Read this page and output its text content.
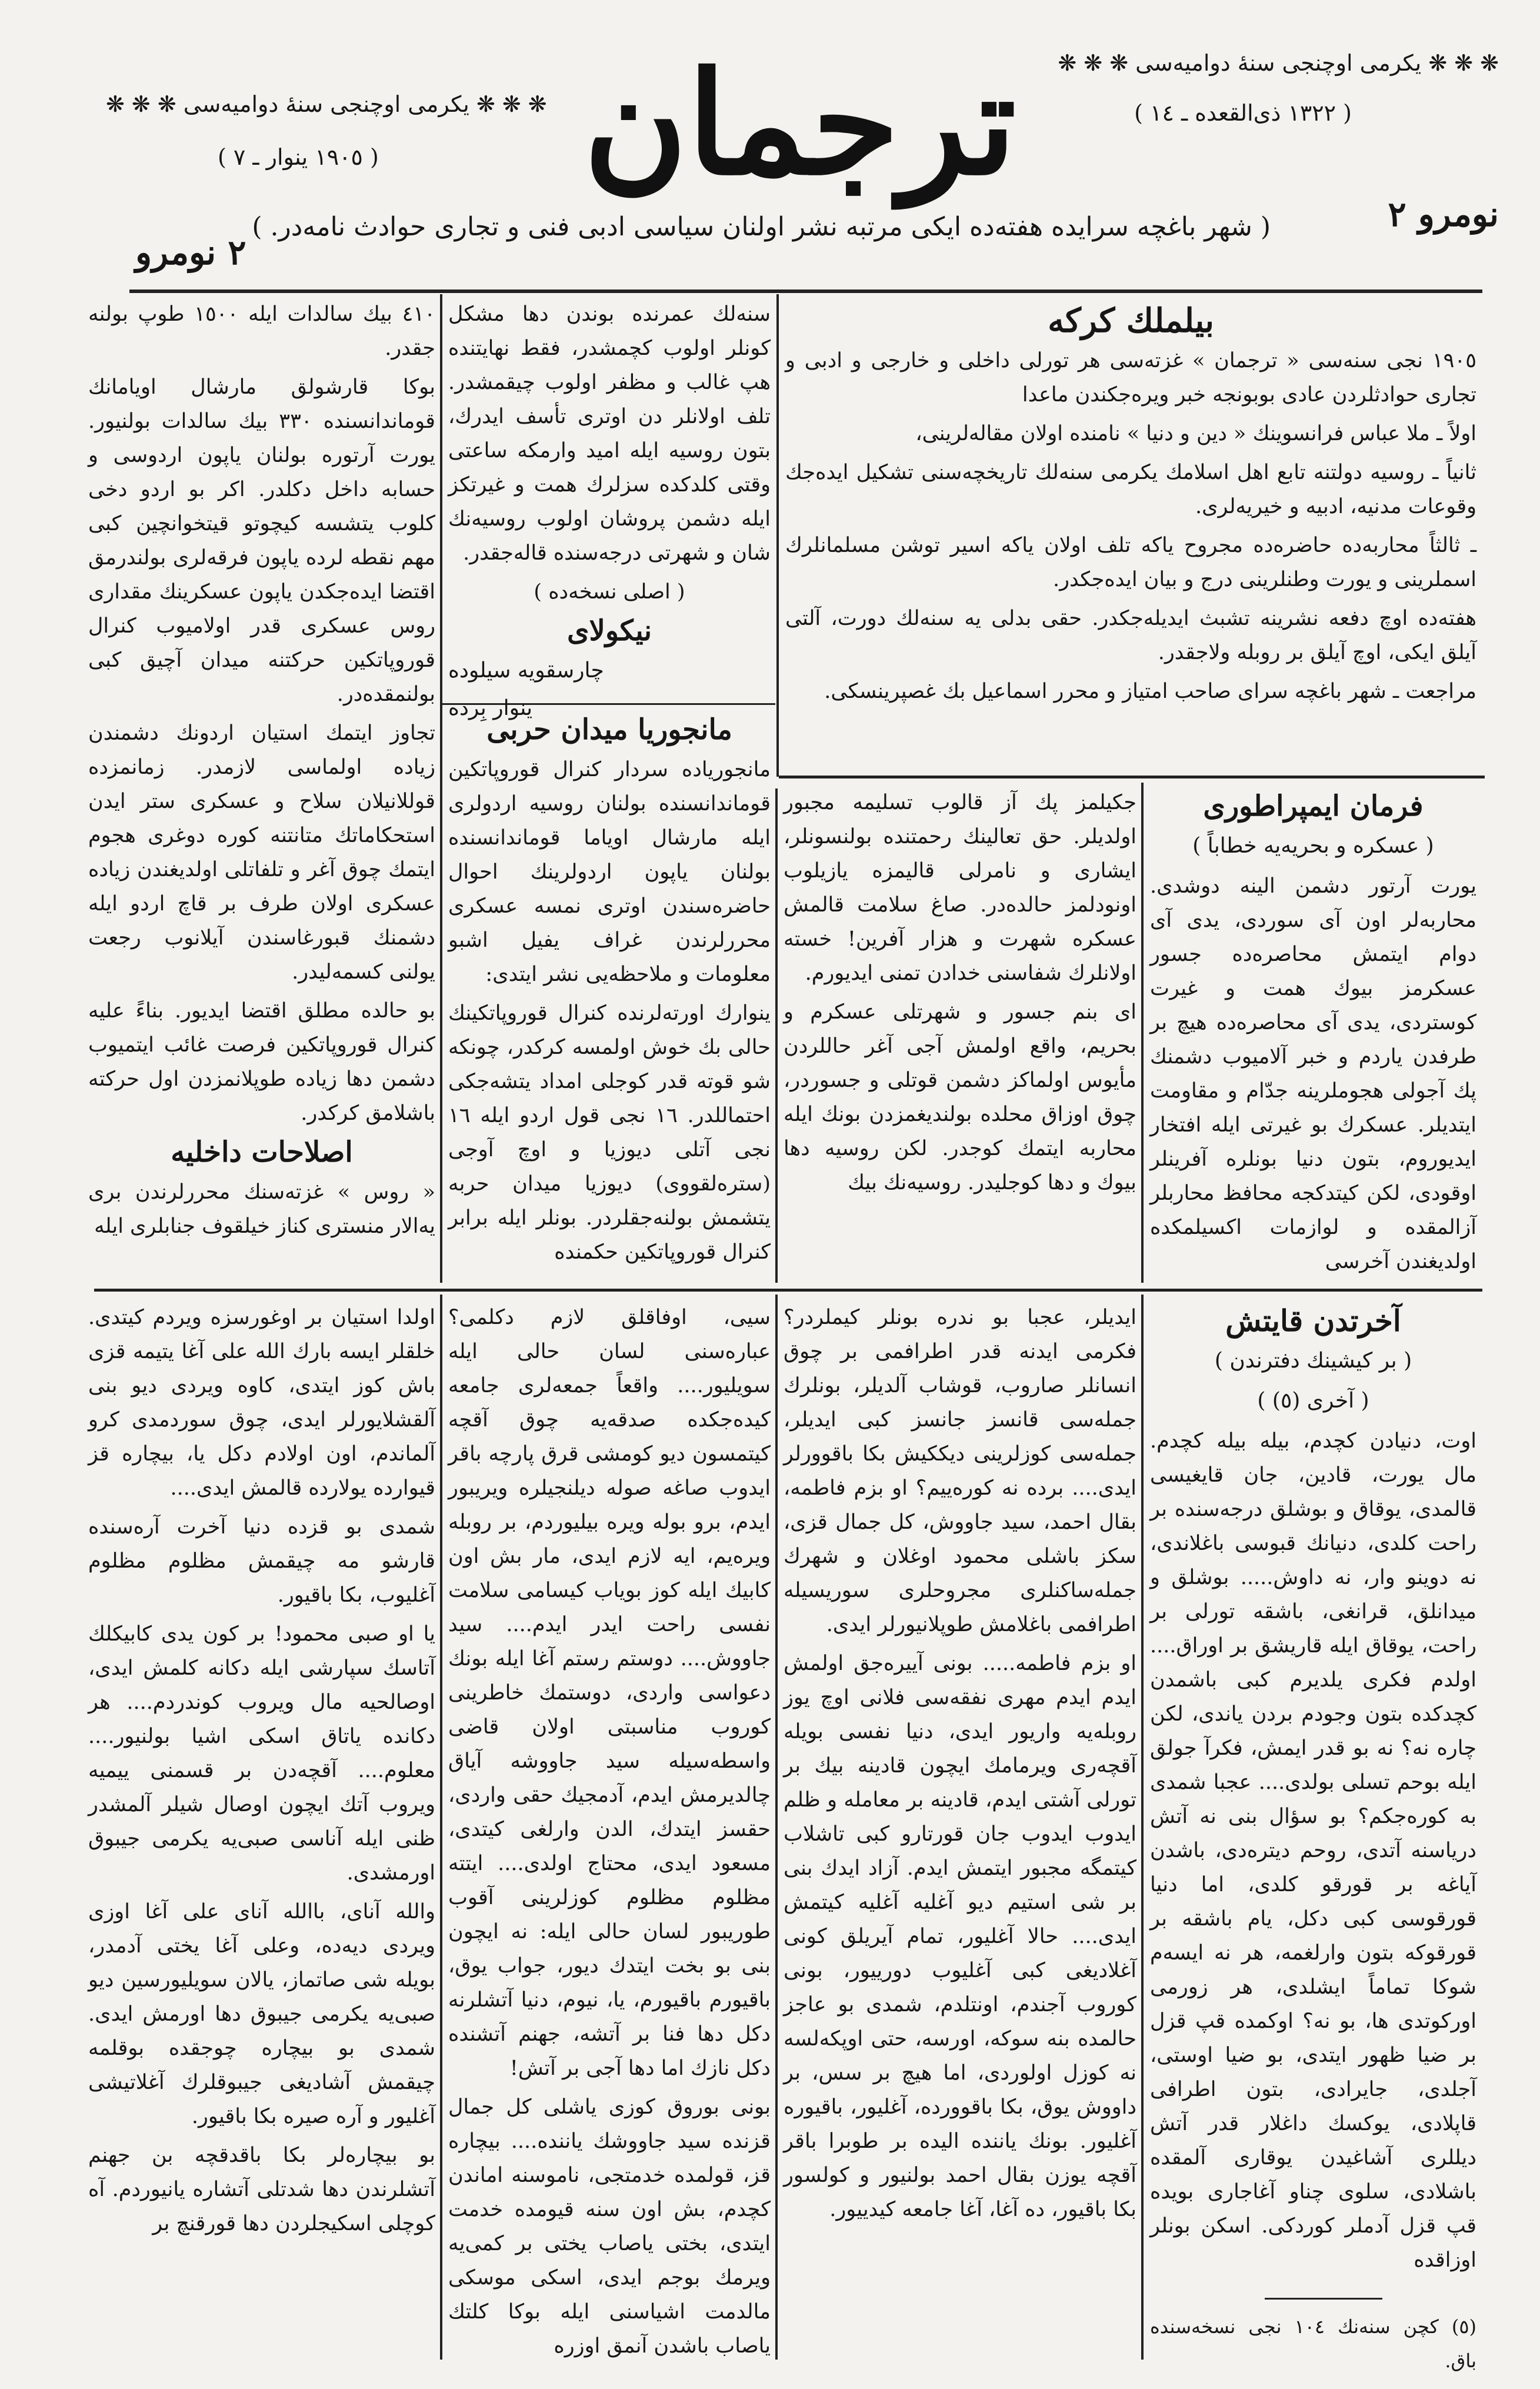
ترجمان	❋ ❋ ❋ یكرمی اوچنجی سنهٔ دوامیه‌سی ❋ ❋ ❋
( ١٣٢٢ ذی‌القعده ـ ١٤ )
❋ ❋ ❋ یكرمی اوچنجی سنهٔ دوامیه‌سی ❋ ❋ ❋
( ١٩٠٥ ینوار ـ ٧ )
نومرو ٢
٢ نومرو
( شهر باغچه سرایده هفته‌ده ایكی مرتبه نشر اولنان سیاسی ادبی فنی و تجاری حوادث نامه‌در. )
بیلملك كركه

١٩٠٥ نجی سنه‌سی « ترجمان » غزته‌سی هر تورلی داخلی و خارجی و ادبی و تجاری حوادثلردن عادی بوبونجه خبر ویره‌جكندن ماعدا

اولاً ـ ملا عباس فرانسوینك « دین و دنیا » نامنده اولان مقاله‌لرینی،

ثانیاً ـ روسیه دولتنه تابع اهل اسلامك یكرمی سنه‌لك تاریخچه‌سنی تشكیل ایده‌جك وقوعات مدنیه، ادبیه و خیریه‌لری.

ـ ثالثاً محاربه‌ده حاضره‌ده مجروح یاكه تلف اولان یاكه اسیر توشن مسلمانلرك اسملرینی و یورت وطنلرینی درج و بیان ایده‌جكدر.

هفته‌ده اوچ دفعه نشرینه تشبث ایدیله‌جكدر. حقی بدلی یه سنه‌لك دورت، آلتی آیلق ایكی، اوچ آیلق بر روبله ‌ولاجقدر.

مراجعت ـ شهر باغچه سرای صاحب امتیاز و محرر اسماعیل بك غصپرینسكی.

سنه‌لك عمرنده بوندن دها مشكل كونلر اولوب كچمشدر، فقط نهایتنده هپ غالب و مظفر اولوب چیقمشدر. تلف اولانلر دن اوتری تأسف ایدرك، بتون روسیه ایله امید وارمكه ساعتی وقتی كلدكده سزلرك همت و غیرتكز ایله دشمن پروشان اولوب روسیه‌نك شان و شهرتی درجه‌سنده قالەجقدر.

( اصلی نسخه‌ده )

نیكولای
چارسقویه سیلوده
ینوار بِرده
مانجوریا میدان حربی

مانجوریاده سردار كنرال قوروپاتكین قوماندانسنده بولنان روسیه اردولری ایله مارشال اویاما قوماندانسنده بولنان یاپون اردولرینك احوال حاضره‌سندن اوتری نمسه عسكری محررلرندن غراف یفیل اشبو معلومات و ملاحظه‌یی نشر ایتدی:

ینوارك اورتەلرنده كنرال قوروپاتكینك حالی بك خوش اولمسه كركدر، چونكه شو قوته قدر كوجلی امداد یتشه‌جكی احتماللدر. ١٦ نجی قول اردو ایله ١٦ نجی آتلی دیوزیا و اوچ آوجی (سترەلقووی) دیوزیا میدان حربه یتشمش بولنه‌جقلردر. بونلر ایله برابر كنرال قوروپاتكین حكمنده

٤١٠ بیك سالدات ایله ١٥٠٠ طوپ بولنه جقدر.

بوكا قارشولق مارشال اویامانك قوماندانسنده ٣٣٠ بیك سالدات بولنیور. یورت آرتوره بولنان یاپون اردوسی و حسابه داخل دكلدر. اكر بو اردو دخی كلوب یتشسه كیچوتو قیتخوانچین كبی مهم نقطه لرده یاپون فرقه‌لری بولندرمق اقتضا ایده‌جكدن یاپون عسكرینك مقداری روس عسكری قدر اولامیوب كنرال قوروپاتكین حركتنه میدان آچیق كبی بولنمقده‌در.

تجاوز ایتمك استیان اردونك دشمندن زیاده اولماسی لازمدر. زمانمزده قوللانیلان سلاح و عسكری ستر ایدن استحكاماتك متانتنه كوره دوغری هجوم ایتمك چوق آغر و تلفاتلی اولدیغندن زیاده عسكری اولان طرف بر قاچ اردو ایله دشمنك قبورغاسندن آیلانوب رجعت یولنی كسمه‌لیدر.

بو حالده مطلق اقتضا ایدیور. بناءً علیه كنرال قوروپاتكین فرصت غائب ایتمیوب دشمن دها زیاده طوپلانمزدن اول حركته باشلامق كركدر.

اصلاحات داخلیه

« روس » غزته‌سنك محررلرندن بری یه‌الار منستری كناز خیلقوف جنابلری ایله

فرمان ایمپراطوری
( عسكره و بحریه‌یه خطاباً )

یورت آرتور دشمن الینه دوشدی. محاربه‌لر اون آی سوردی، یدی آی دوام ایتمش محاصره‌ده جسور عسكرمز بیوك همت و غیرت كوستردی، یدی آی محاصره‌ده هیچ بر طرفدن یاردم و خبر آلامیوب دشمنك پك آجولی هجوملرینه جدّام و مقاومت ایتدیلر. عسكرك بو غیرتی ایله افتخار ایدیوروم، بتون دنیا بونلره آفرینلر اوقودی، لكن كیتدكجه محافظ محاربلر آزالمقده و لوازمات اكسیلمكده اولدیغندن آخرسی

جكیلمز پك آز قالوب تسلیمه مجبور اولدیلر. حق تعالینك رحمتنده بولنسونلر، ایشاری و نامرلی قالیمزه یازیلوب اونودلمز حالده‌در. صاغ سلامت قالمش عسكره شهرت و هزار آفرین! خسته اولانلرك شفاسنی خدادن تمنی ایدیورم.

ای بنم جسور و شهرتلی عسكرم و بحریم، واقع اولمش آجی آغر حاللردن مأیوس اولماكز دشمن قوتلی و جسوردر، چوق اوزاق محلده بولندیغمزدن بونك ایله محاربه ایتمك كوجدر. لكن روسیه دها بیوك و دها كوجلیدر. روسیەنك بیك

آخرتدن قایتش
( بر كیشینك دفترندن )
( آخری (٥) )

اوت، دنیادن كچدم، بیله بیله كچدم. مال یورت، قادین، جان قایغیسی قالمدی، یوقاق و بوشلق درجه‌سنده بر راحت كلدی، دنیانك قبوسی باغلاندی، نه دوینو وار، نه داوش..... بوشلق و میدانلق، قرانغی، باشقه تورلی بر راحت، یوقاق ایله قاریشق بر اوراق.... اولدم فكری یلدیرم كبی باشمدن كچدكده بتون وجودم بردن یاندی، لكن چاره نه؟ نه بو قدر ایمش، فكرآ جولق ایله بوحم تسلی بولدی.... عجبا شمدی به كوره‌جكم؟ بو سؤال بنی نه آتش دریاسنه آتدی، روحم دیترەدی، باشدن آیاغه بر قورقو كلدی، اما دنیا قورقوسی كبی دكل، یام باشقه بر قورقوكه بتون وارلغمه، هر نه ایسه‌م شوكا تماماً ایشلدی، هر زورمی اوركوتدی ها، بو نه؟ اوكمده قپ قزل بر ضیا ظهور ایتدی، بو ضیا اوستی، آجلدی، جایرادی، بتون اطرافی قاپلادی، یوكسك داغلار قدر آتش دیللری آشاغیدن یوقاری آلمقده باشلادی، سلوی چناو آغاجاری بویده قپ قزل آدملر كوردكی. اسكن بونلر اوزاقده

(٥) كچن سنه‌نك ١٠٤ نجی نسخه‌سنده باق.

ایدیلر، عجبا بو ندره بونلر كیملردر؟ فكرمی ایدنه قدر اطرافمی بر چوق انسانلر صاروب، قوشاب آلدیلر، بونلرك جمله‌سی قانسز جانسز كبی ایدیلر، جمله‌سی كوزلرینی دیككیش بكا باقوورلر ایدی.... برده نه كوره‌ییم؟ او بزم فاطمه، بقال احمد، سید جاووش، كل جمال قزی، سكز باشلی محمود اوغلان و شهرك جمله‌ساكنلری مجروحلری سوریسیله اطرافمی باغلامش طوپلانیورلر ایدی.

او بزم فاطمه..... بونی آییره‌جق اولمش ایدم ایدم مهری نفقه‌سی فلانی اوچ یوز روبله‌یه واریور ایدی، دنیا نفسی بویله آقچه‌ری ویرمامك ایچون قادینه بیك بر تورلی آشتی ایدم، قادینه بر معامله و ظلم ایدوب ایدوب جان قورتارو كبی تاشلاب كیتمگه مجبور ایتمش ایدم. آزاد ایدك بنی بر شی استیم دیو آغلیه آغلیه كیتمش ایدی.... حالا آغلیور، تمام آیریلق كونی آغلادیغی كبی آغلیوب دورییور، بونی كوروب آجندم، اونتلدم، شمدی بو عاجز حالمده بنه سوكە، اورسه، حتی اوپكه‌لسه نه كوزل اولوردی، اما هیچ بر سس، بر داووش یوق، بكا باقوورده، آغلیور، باقیوره آغلیور. بونك یاننده الیده بر طوبرا باقر آقچه یوزن بقال احمد بولنیور و كولسور بكا باقیور، ده آغا، آغا جامعه كیدییور.

سیی، اوفاقلق لازم دكلمی؟ عبارەسنی لسان حالی ایله سویلیور.... واقعاً جمعه‌لری جامعه كیده‌جكده صدقه‌یه چوق آقچه كیتمسون دیو كومشی قرق پارچه باقر ایدوب صاغه صوله دیلنجیلره ویریبور ایدم، برو بوله ویره بیلیوردم، بر روبله ویره‌یم، ایه لازم ایدی، مار بش اون كابیك ایله كوز بویاب كیسامی سلامت نفسی راحت ایدر ایدم.... سید جاووش.... دوستم رستم آغا ایله بونك دعواسی واردی، دوستمك خاطرینی كوروب مناسبتی اولان قاضی واسطه‌سیله سید جاووشه آیاق چالدیرمش ایدم، آدمجیك حقی واردی، حقسز ایتدك، الدن وارلغی كیتدی، مسعود ایدی، محتاج اولدی.... ایتته مظلوم مظلوم كوزلرینی آقوب طوریبور لسان حالی ایله: نه ایچون بنی بو بخت ایتدك دیور، جواب یوق، باقیورم باقیورم، یا، نیوم، دنیا آتشلرنه دكل دها فنا بر آتشه، جهنم آتشنده دكل نازك اما دها آجی بر آتش!

بونی بوروق كوزی یاشلی كل جمال قزنده سید جاووشك یاننده.... بیچاره قز، قولمده خدمتجی، ناموسنه اماندن كچدم، بش اون سنه قیومده خدمت ایتدی، بختی یاصاب یختی بر كمی‌یه ویرمك بوجم ایدی، اسكی موسكی مالدمت اشیاسنی ایله بوكا كلتك یاصاب باشدن آنمق اوزره

اولدا استیان بر اوغورسزه ویردم كیتدی. خلقلر ایسه بارك الله علی آغا یتیمه قزی باش كوز ایتدی، كاوه ویردی دیو بنی آلقشلایورلر ایدی، چوق سوردمدی كرو آلماندم، اون اولادم دكل یا، بیچاره قز قیوارده یولارده قالمش ایدی....

شمدی بو قزده دنیا آخرت آرەسنده قارشو مه چیقمش مظلوم مظلوم آغلیوب، بكا باقیور.

یا او صبی محمود! بر كون یدی كابیكلك آتاسك سپارشی ایله دكانه كلمش ایدی، اوصالحیه مال ویروب كوندردم.... هر دكانده یاتاق اسكی اشیا بولنیور.... معلوم.... آقچه‌دن بر قسمنی ییمیه ویروب آتك ایچون اوصال شیلر آلمشدر ظنی ایله آناسی صبی‌یه یكرمی جیبوق اورمشدی.

والله آنای، باالله آناى علی آغا اوزی ویردی دیه‌ده، وعلی آغا یختی آدمدر، بویله شی صاتماز، یالان سویلیورسین دیو صبی‌یه یكرمی جیبوق دها اورمش ایدی. شمدی بو بیچاره چوجقده بوقلمه چیقمش آشادیغی جیبوقلرك آغلاتیشی آغلیور و آره صیره بكا باقیور.

بو بیچاره‌لر بكا باقدقچه بن جهنم آتشلرندن دها شدتلی آتشاره یانیوردم. آه كوچلی اسكیجلردن دها قورقنچ بر
